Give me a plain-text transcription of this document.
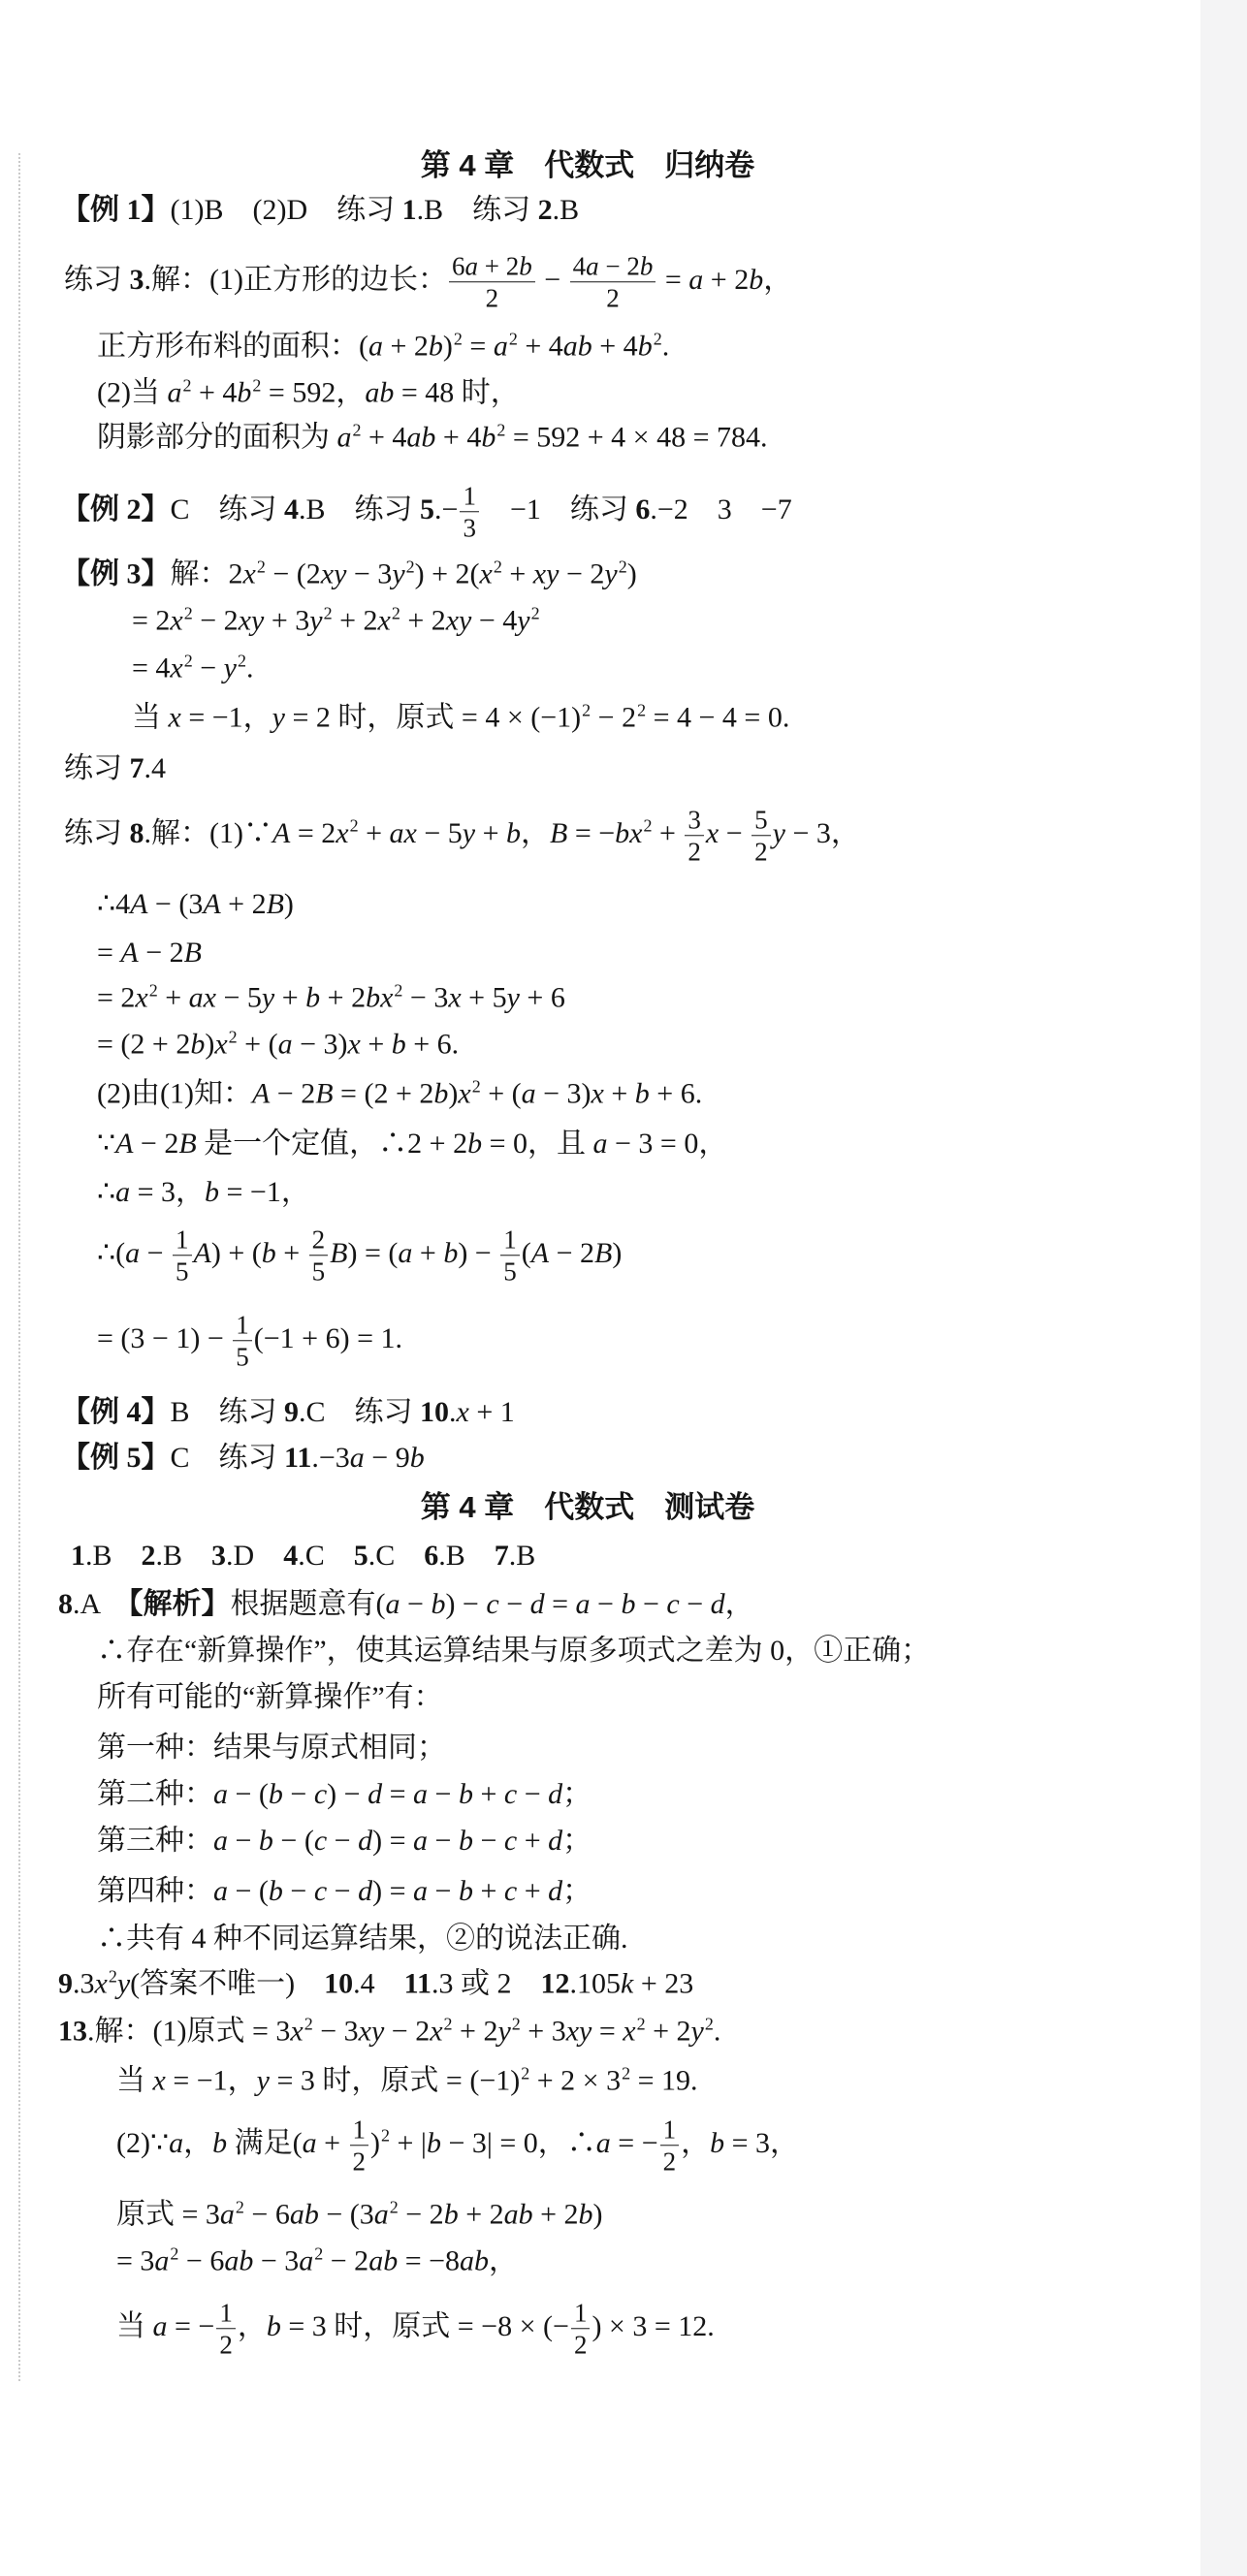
第 4 章　代数式　归纳卷
【例 1】(1)B　(2)D　练习 1.B　练习 2.B
练习 3.解：(1)正方形的边长： $\frac{6a + 2b}{2} - \frac{4a - 2b}{2} = a + 2b$，
正方形布料的面积：$(a + 2b)^2 = a^2 + 4ab + 4b^2$.
(2)当 $a^2 + 4b^2 = 592$，ab = 48 时，
阴影部分的面积为 $a^2 + 4ab + 4b^2 = 592 + 4 \times 48 = 784$.
【例 2】C　练习 4.B　练习 $5.- \frac{1}{3}$ 　−1　练习 6.−2　3　−7
【例 3】解：$2x^2 - (2xy - 3y^2) + 2(x^2$ + xy − $2y^2$)
= $2x^2 - 2xy + 3y^2 + 2x^2 + 2xy - 4y^2$
= $4x^2 - y^2$.
当 x = −1，y = 2 时，原式 = $4 \times (-1)^2 - 2^2 = 4 - 4 = 0$.
练习 7.4
练习 8.解：(1)∵A = $2x^2$ + ax − 5y + b，$B = -bx^2 + \frac{3}{2}$ $x - \frac{5}{2}$ y − 3，
∴4A − (3A + 2B)
= A − 2B
= $2x^2$ + ax − $5y + b + 2bx^2 - 3x + 5y + 6$
= $(2 + 2b)x^2 + (a - 3)x + b + 6$.
(2)由(1)知：$A - 2B = (2 + 2b)x^2 + (a - 3)x + b + 6$.
∵A − 2B 是一个定值，∴2 + 2b = 0，且 a − 3 = 0，
∴a = 3，b = −1，
∴(a − $\frac{1}{5} A) + (b + \frac{2}{5} B) = (a + b) - \frac{1}{5} (A - 2B)$
= $(3 - 1) - \frac{1}{5} (-1 + 6) = 1$.
【例 4】B　练习 9.C　练习 10.x + 1
【例 5】C　练习 11.−3a − 9b
第 4 章　代数式　测试卷
1.B　2.B　3.D　4.C　5.C　6.B　7.B
8.A　【解析】根据题意有(a − b) − c − d = a − b − c − d，
∴存在“新算操作”，使其运算结果与原多项式之差为 0，①正确；
所有可能的“新算操作”有：
第一种：结果与原式相同；
第二种：a − (b − c) − d = a − b + c − d；
第三种：a − b − (c − d) = a − b − c + d；
第四种：a − (b − c − d) = a − b + c + d；
∴共有 4 种不同运算结果，②的说法正确.
$9.3x^2y$(答案不唯一)　10.4　11.3 或 2　12.105k + 23
13.解：(1)原式 = $3x^2 - 3xy - 2x^2 + 2y^2 + 3xy = x^2 + 2y^2$.
当 x = −1，y = 3 时，原式 = $(-1)^2 + 2 \times 3^2 = 19$.
(2)∵a，b 满足$(a + \frac{1}{2} )^2 + |b - 3| = 0$，∴a = − $\frac{1}{2}$ ，b = 3，
原式 = $3a^2 - 6ab - (3a^2 - 2b + 2ab + 2b)$
= $3a^2 - 6ab - 3a^2 - 2ab = -8ab$，
当 a = − $\frac{1}{2}$ ，b = 3 时，原式 = −8 × (− $\frac{1}{2}$ ) × 3 = 12.
